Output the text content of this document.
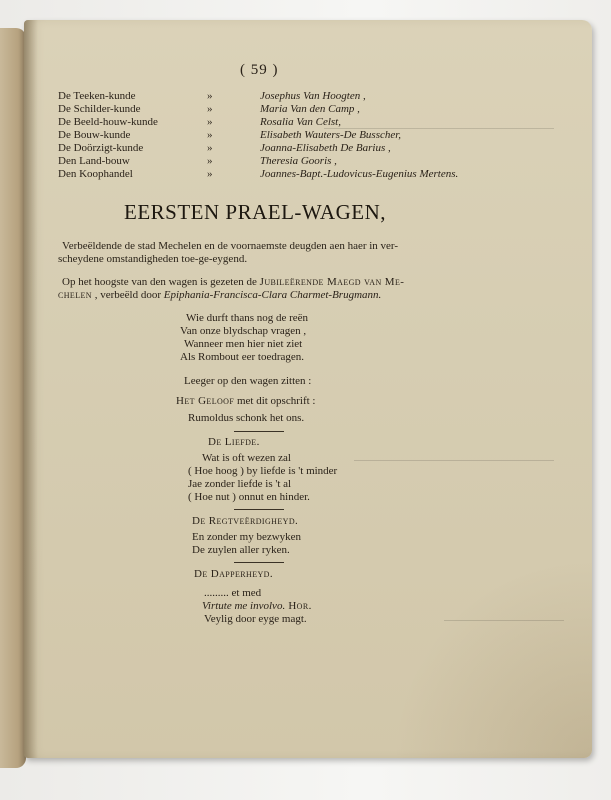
( 59 )
De Teeken-kunde	»	Josephus Van Hoogten ,
De Schilder-kunde	»	Maria Van den Camp ,
De Beeld-houw-kunde	»	Rosalia Van Celst,
De Bouw-kunde	»	Elisabeth Wauters-De Busscher,
De Doörzigt-kunde	»	Joanna-Elisabeth De Barius ,
Den Land-bouw	»	Theresia Gooris ,
Den Koophandel	»	Joannes-Bapt.-Ludovicus-Eugenius Mertens.
EERSTEN PRAEL-WAGEN,
Verbeëldende de stad Mechelen en de voornaemste deugden aen haer in ver-
scheydene omstandigheden toe-ge-eygend.
Op het hoogste van den wagen is gezeten de Jubileërende Maegd van Me-
chelen , verbeëld door Epiphania-Francisca-Clara Charmet-Brugmann.
Wie durft thans nog de reën
Van onze blydschap vragen ,
Wanneer men hier niet ziet
Als Rombout eer toedragen.
Leeger op den wagen zitten :
Het Geloof met dit opschrift :
Rumoldus schonk het ons.
De Liefde.
Wat is oft wezen zal
( Hoe hoog ) by liefde is 't minder
Jae zonder liefde is 't al
( Hoe nut ) onnut en hinder.
De Regtveërdigheyd.
En zonder my bezwyken
De zuylen aller ryken.
De Dapperheyd.
......... et med
Virtute me involvo. Hor.
Veylig door eyge magt.
